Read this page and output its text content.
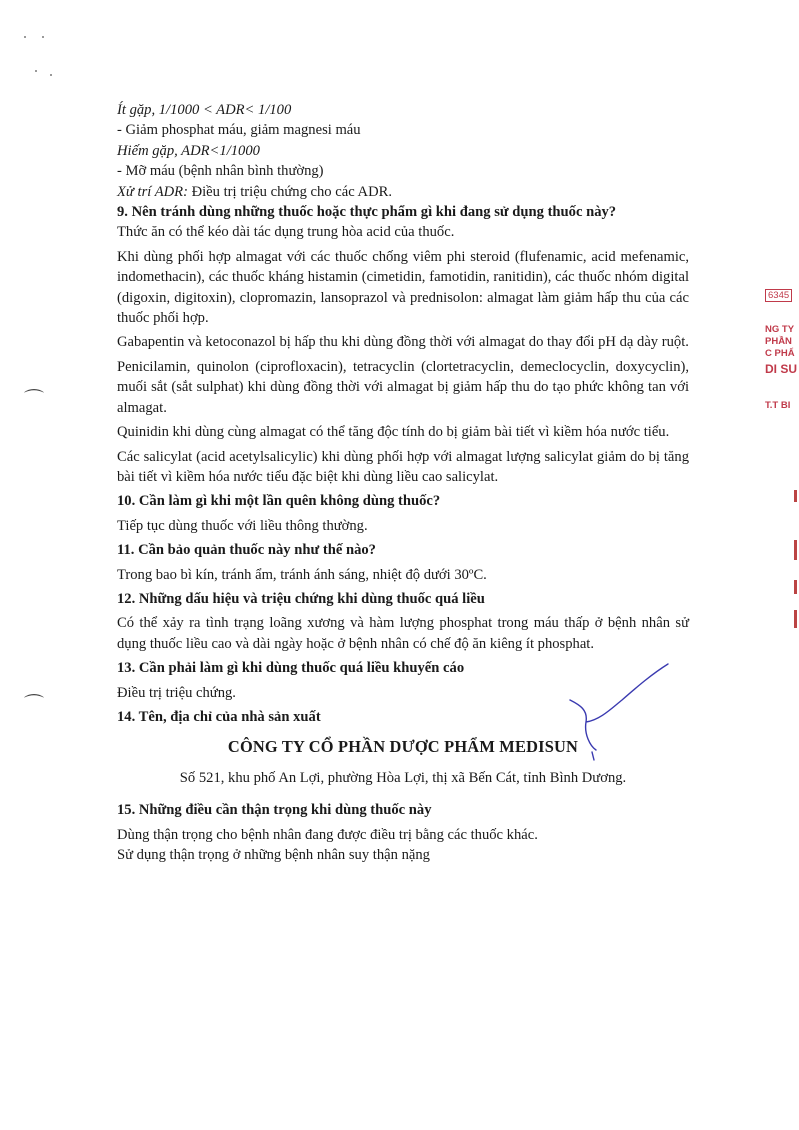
⌒
⌒
6345
NG TY
PHẦN
C PHẨ
DI SU
T.T BI

Ít gặp, 1/1000 < ADR< 1/100

- Giảm phosphat máu, giảm magnesi máu

Hiếm gặp, ADR<1/1000

- Mỡ máu (bệnh nhân bình thường)

Xử trí ADR: Điều trị triệu chứng cho các ADR.

9. Nên tránh dùng những thuốc hoặc thực phẩm gì khi đang sử dụng thuốc này?

Thức ăn có thể kéo dài tác dụng trung hòa acid của thuốc.

Khi dùng phối hợp almagat với các thuốc chống viêm phi steroid (flufenamic, acid mefenamic, indomethacin), các thuốc kháng histamin (cimetidin, famotidin, ranitidin), các thuốc nhóm digital (digoxin, digitoxin), clopromazin, lansoprazol và prednisolon: almagat làm giảm hấp thu của các thuốc phối hợp.

Gabapentin và ketoconazol bị hấp thu khi dùng đồng thời với almagat do thay đổi pH dạ dày ruột.

Penicilamin, quinolon (ciprofloxacin), tetracyclin (clortetracyclin, demeclocyclin, doxycyclin), muối sắt (sắt sulphat) khi dùng đồng thời với almagat bị giảm hấp thu do tạo phức không tan với almagat.

Quinidin khi dùng cùng almagat có thể tăng độc tính do bị giảm bài tiết vì kiềm hóa nước tiểu.

Các salicylat (acid acetylsalicylic) khi dùng phối hợp với almagat lượng salicylat giảm do bị tăng bài tiết vì kiềm hóa nước tiểu đặc biệt khi dùng liều cao salicylat.

10. Cần làm gì khi một lần quên không dùng thuốc?

Tiếp tục dùng thuốc với liều thông thường.

11. Cần bảo quản thuốc này như thế nào?

Trong bao bì kín, tránh ẩm, tránh ánh sáng, nhiệt độ dưới 30ºC.

12. Những dấu hiệu và triệu chứng khi dùng thuốc quá liều

Có thể xảy ra tình trạng loãng xương và hàm lượng phosphat trong máu thấp ở bệnh nhân sử dụng thuốc liều cao và dài ngày hoặc ở bệnh nhân có chế độ ăn kiêng ít phosphat.

13. Cần phải làm gì khi dùng thuốc quá liều khuyến cáo

Điều trị triệu chứng.

14. Tên, địa chỉ của nhà sản xuất

CÔNG TY CỔ PHẦN DƯỢC PHẨM MEDISUN

Số 521, khu phố An Lợi, phường Hòa Lợi, thị xã Bến Cát, tỉnh Bình Dương.

15. Những điều cần thận trọng khi dùng thuốc này

Dùng thận trọng cho bệnh nhân đang được điều trị bằng các thuốc khác.

Sử dụng thận trọng ở những bệnh nhân suy thận nặng
